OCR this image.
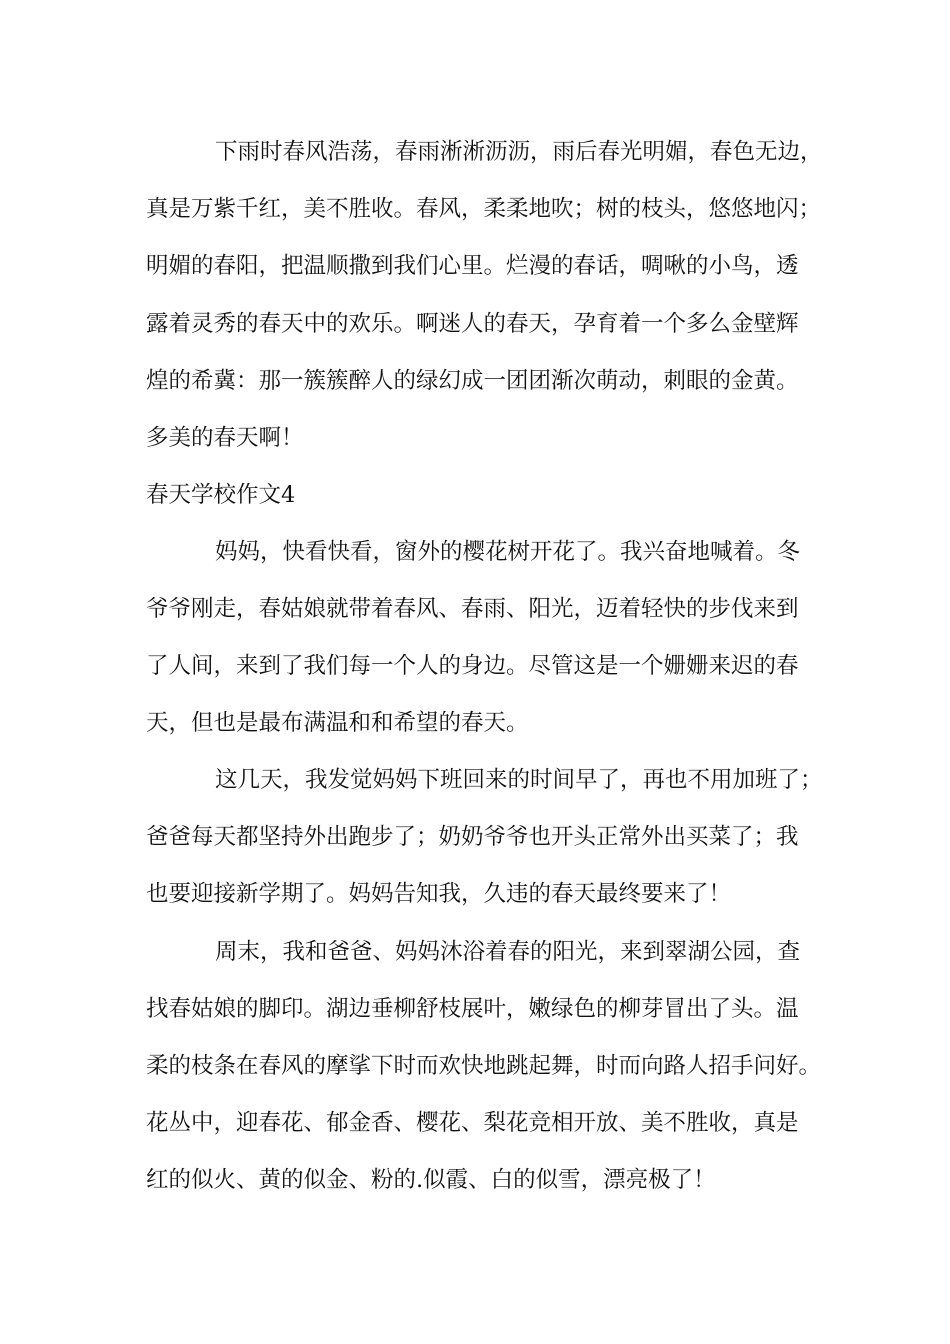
下雨时春风浩荡，春雨淅淅沥沥，雨后春光明媚，春色无边，
真是万紫千红，美不胜收。春风，柔柔地吹；树的枝头，悠悠地闪；
明媚的春阳，把温顺撒到我们心里。烂漫的春话，啁啾的小鸟，透
露着灵秀的春天中的欢乐。啊迷人的春天，孕育着一个多么金壁辉
煌的希冀：那一簇簇醉人的绿幻成一团团渐次萌动，刺眼的金黄。
多美的春天啊！
春天学校作文4
妈妈，快看快看，窗外的樱花树开花了。我兴奋地喊着。冬
爷爷刚走，春姑娘就带着春风、春雨、阳光，迈着轻快的步伐来到
了人间，来到了我们每一个人的身边。尽管这是一个姗姗来迟的春
天，但也是最布满温和和希望的春天。
这几天，我发觉妈妈下班回来的时间早了，再也不用加班了；
爸爸每天都坚持外出跑步了；奶奶爷爷也开头正常外出买菜了；我
也要迎接新学期了。妈妈告知我，久违的春天最终要来了！
周末，我和爸爸、妈妈沐浴着春的阳光，来到翠湖公园，查
找春姑娘的脚印。湖边垂柳舒枝展叶，嫩绿色的柳芽冒出了头。温
柔的枝条在春风的摩挲下时而欢快地跳起舞，时而向路人招手问好。
花丛中，迎春花、郁金香、樱花、梨花竞相开放、美不胜收，真是
红的似火、黄的似金、粉的.似霞、白的似雪，漂亮极了！
